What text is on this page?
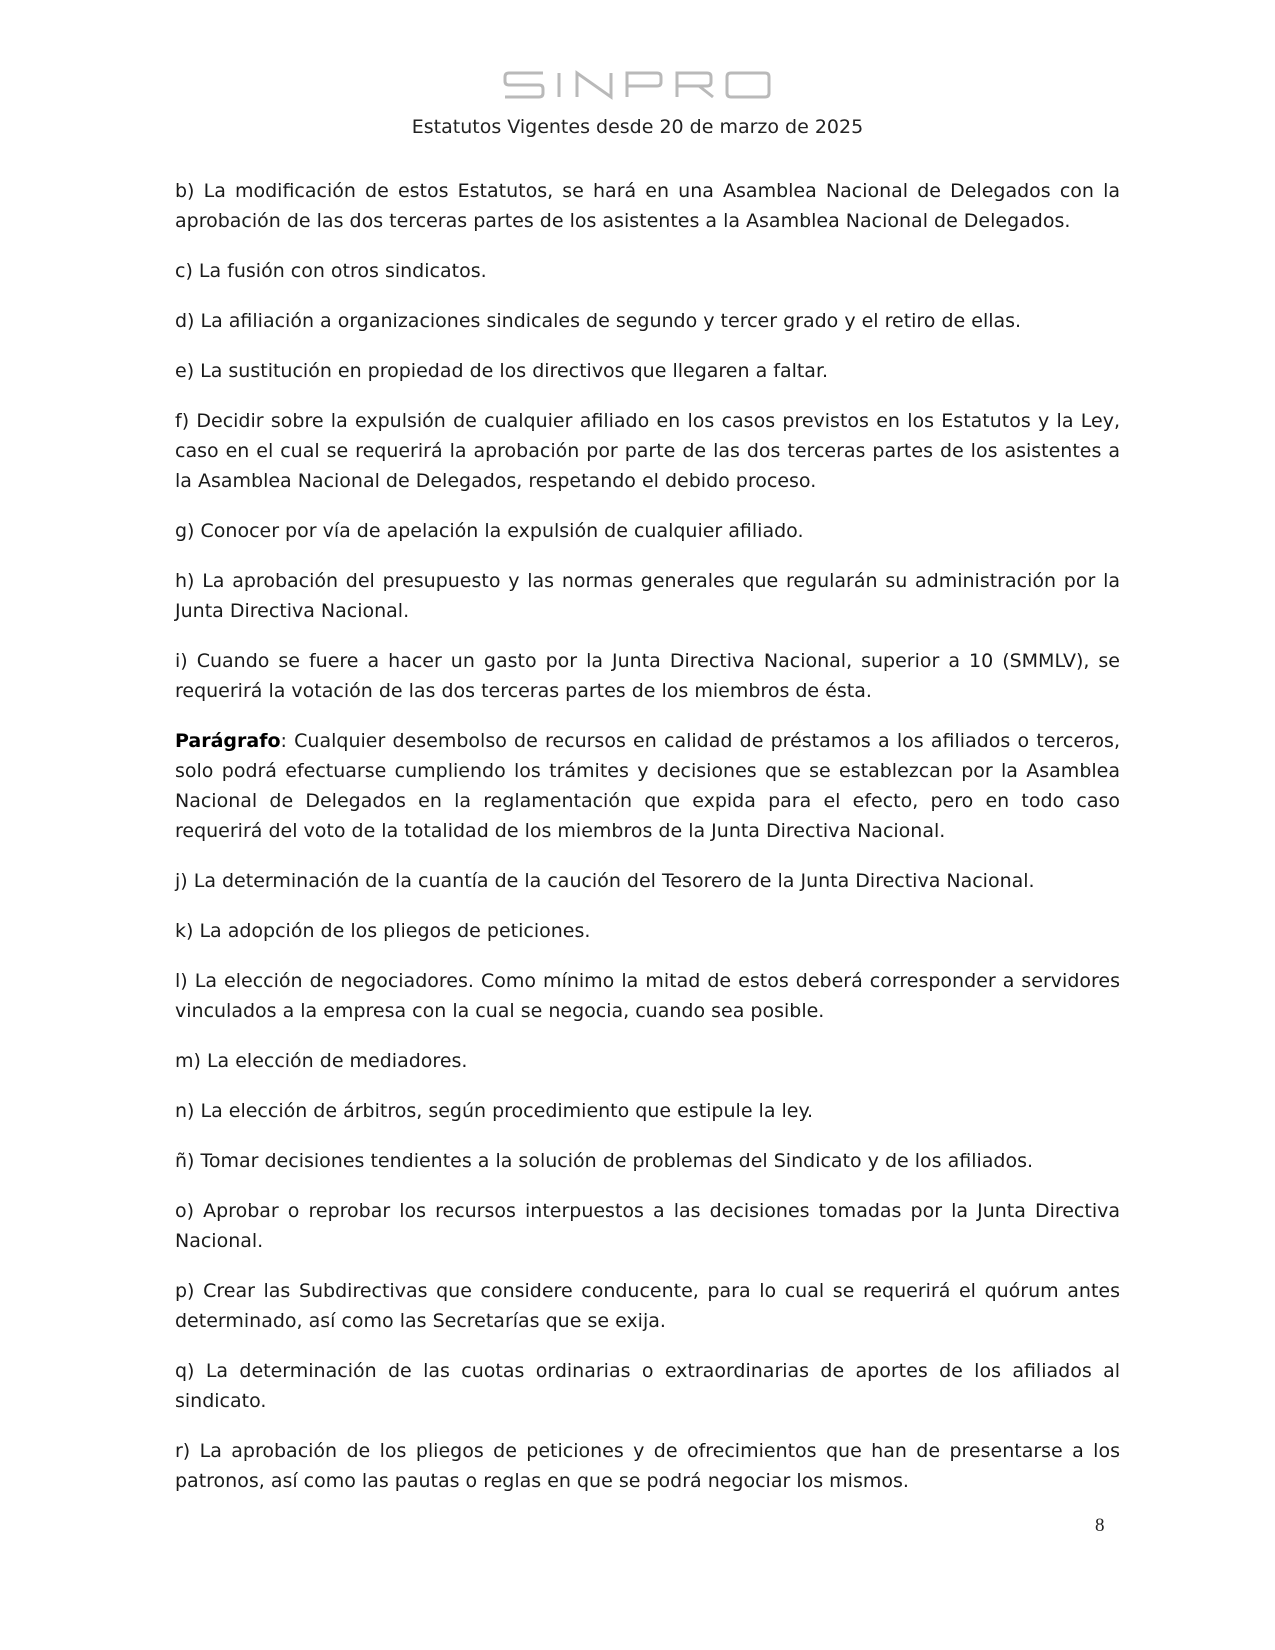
Estatutos Vigentes desde 20 de marzo de 2025

b) La modificación de estos Estatutos, se hará en una Asamblea Nacional de Delegados con la aprobación de las dos terceras partes de los asistentes a la Asamblea Nacional de Delegados.

c) La fusión con otros sindicatos.

d) La afiliación a organizaciones sindicales de segundo y tercer grado y el retiro de ellas.

e) La sustitución en propiedad de los directivos que llegaren a faltar.

f) Decidir sobre la expulsión de cualquier afiliado en los casos previstos en los Estatutos y la Ley, caso en el cual se requerirá la aprobación por parte de las dos terceras partes de los asistentes a la Asamblea Nacional de Delegados, respetando el debido proceso.

g) Conocer por vía de apelación la expulsión de cualquier afiliado.

h) La aprobación del presupuesto y las normas generales que regularán su administración por la Junta Directiva Nacional.

i) Cuando se fuere a hacer un gasto por la Junta Directiva Nacional, superior a 10 (SMMLV), se requerirá la votación de las dos terceras partes de los miembros de ésta.

Parágrafo: Cualquier desembolso de recursos en calidad de préstamos a los afiliados o terceros, solo podrá efectuarse cumpliendo los trámites y decisiones que se establezcan por la Asamblea Nacional de Delegados en la reglamentación que expida para el efecto, pero en todo caso requerirá del voto de la totalidad de los miembros de la Junta Directiva Nacional.

j) La determinación de la cuantía de la caución del Tesorero de la Junta Directiva Nacional.

k) La adopción de los pliegos de peticiones.

l) La elección de negociadores. Como mínimo la mitad de estos deberá corresponder a servidores vinculados a la empresa con la cual se negocia, cuando sea posible.

m) La elección de mediadores.

n) La elección de árbitros, según procedimiento que estipule la ley.

ñ) Tomar decisiones tendientes a la solución de problemas del Sindicato y de los afiliados.

o) Aprobar o reprobar los recursos interpuestos a las decisiones tomadas por la Junta Directiva Nacional.

p) Crear las Subdirectivas que considere conducente, para lo cual se requerirá el quórum antes determinado, así como las Secretarías que se exija.

q) La determinación de las cuotas ordinarias o extraordinarias de aportes de los afiliados al sindicato.

r) La aprobación de los pliegos de peticiones y de ofrecimientos que han de presentarse a los patronos, así como las pautas o reglas en que se podrá negociar los mismos.

8
